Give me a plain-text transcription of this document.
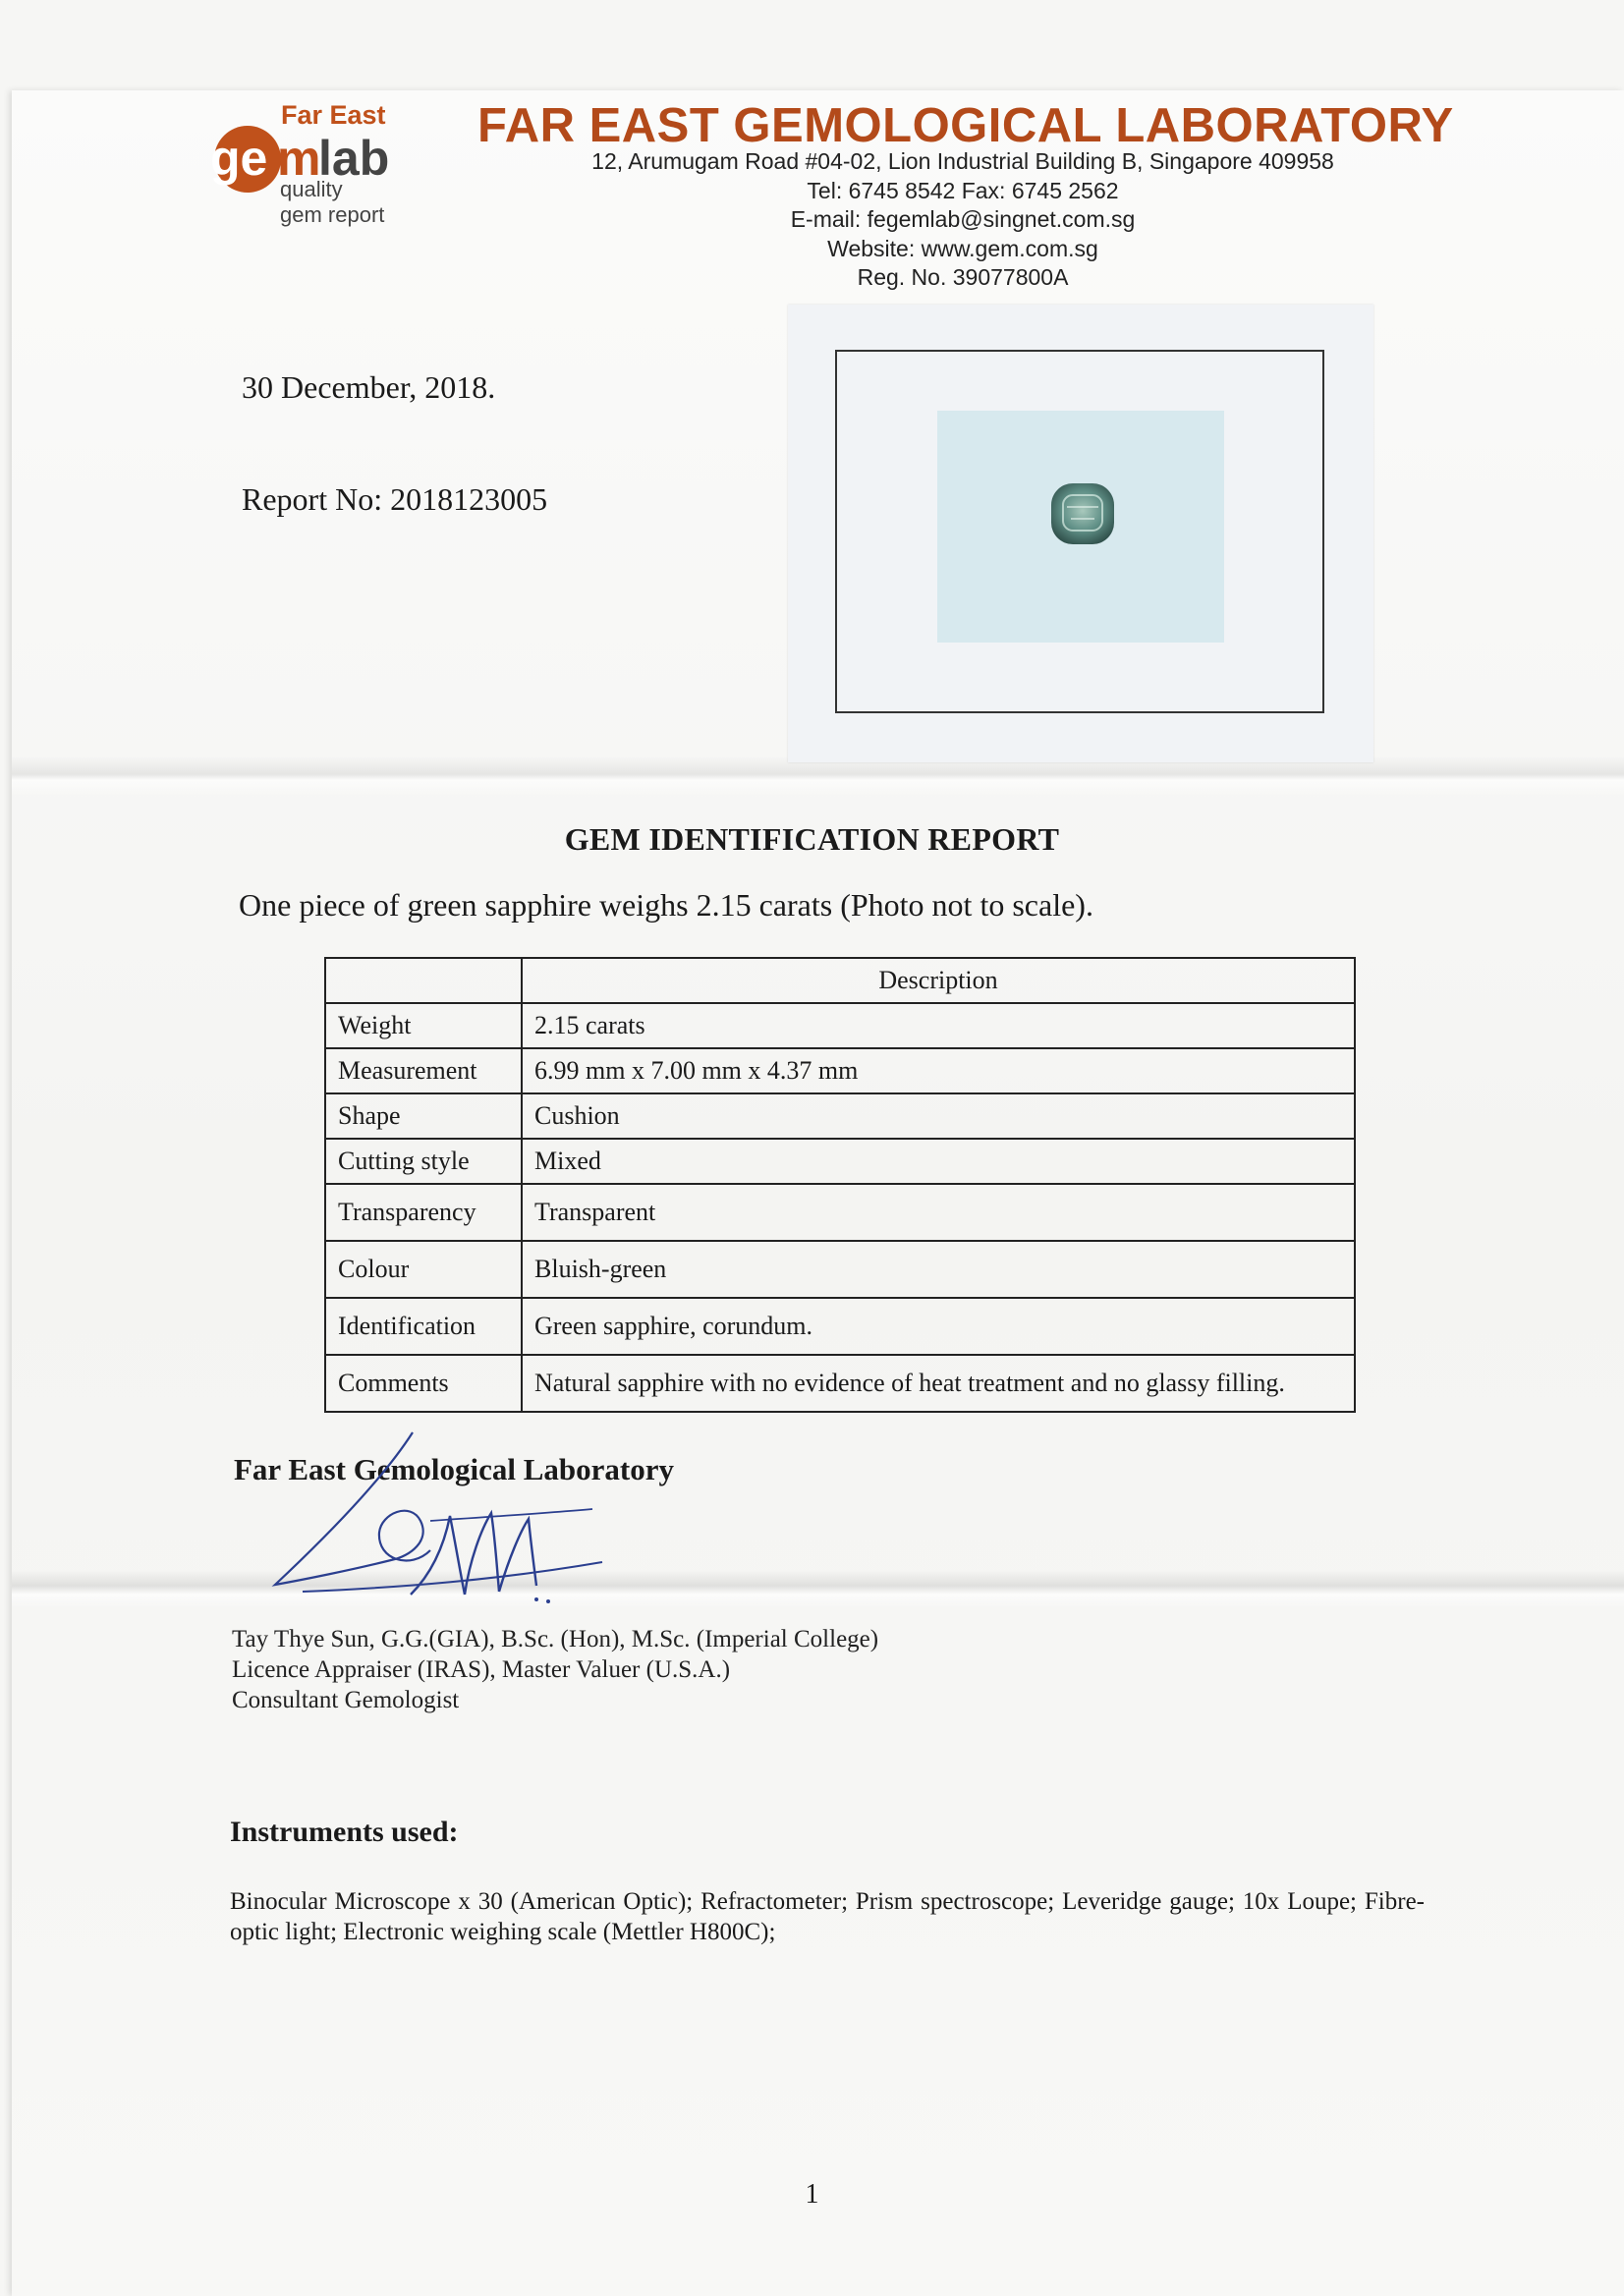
Far East
ge m
lab
quality
gem report
FAR EAST GEMOLOGICAL LABORATORY
12, Arumugam Road #04-02, Lion Industrial Building B, Singapore 409958
Tel: 6745 8542 Fax: 6745 2562
E-mail: fegemlab@singnet.com.sg
Website: www.gem.com.sg
Reg. No. 39077800A
30 December, 2018.
Report No: 2018123005
GEM IDENTIFICATION REPORT
One piece of green sapphire weighs 2.15 carats (Photo not to scale).
	Description
Weight	2.15 carats
Measurement	6.99 mm x 7.00 mm x 4.37 mm
Shape	Cushion
Cutting style	Mixed
Transparency	Transparent
Colour	Bluish-green
Identification	Green sapphire, corundum.
Comments	Natural sapphire with no evidence of heat treatment and no glassy filling.
Far East Gemological Laboratory
Tay Thye Sun, G.G.(GIA), B.Sc. (Hon), M.Sc. (Imperial College)
Licence Appraiser (IRAS), Master Valuer (U.S.A.)
Consultant Gemologist
Instruments used:
Binocular Microscope x 30 (American Optic); Refractometer; Prism spectroscope; Leveridge gauge; 10x Loupe; Fibre-optic light; Electronic weighing scale (Mettler H800C);
1
